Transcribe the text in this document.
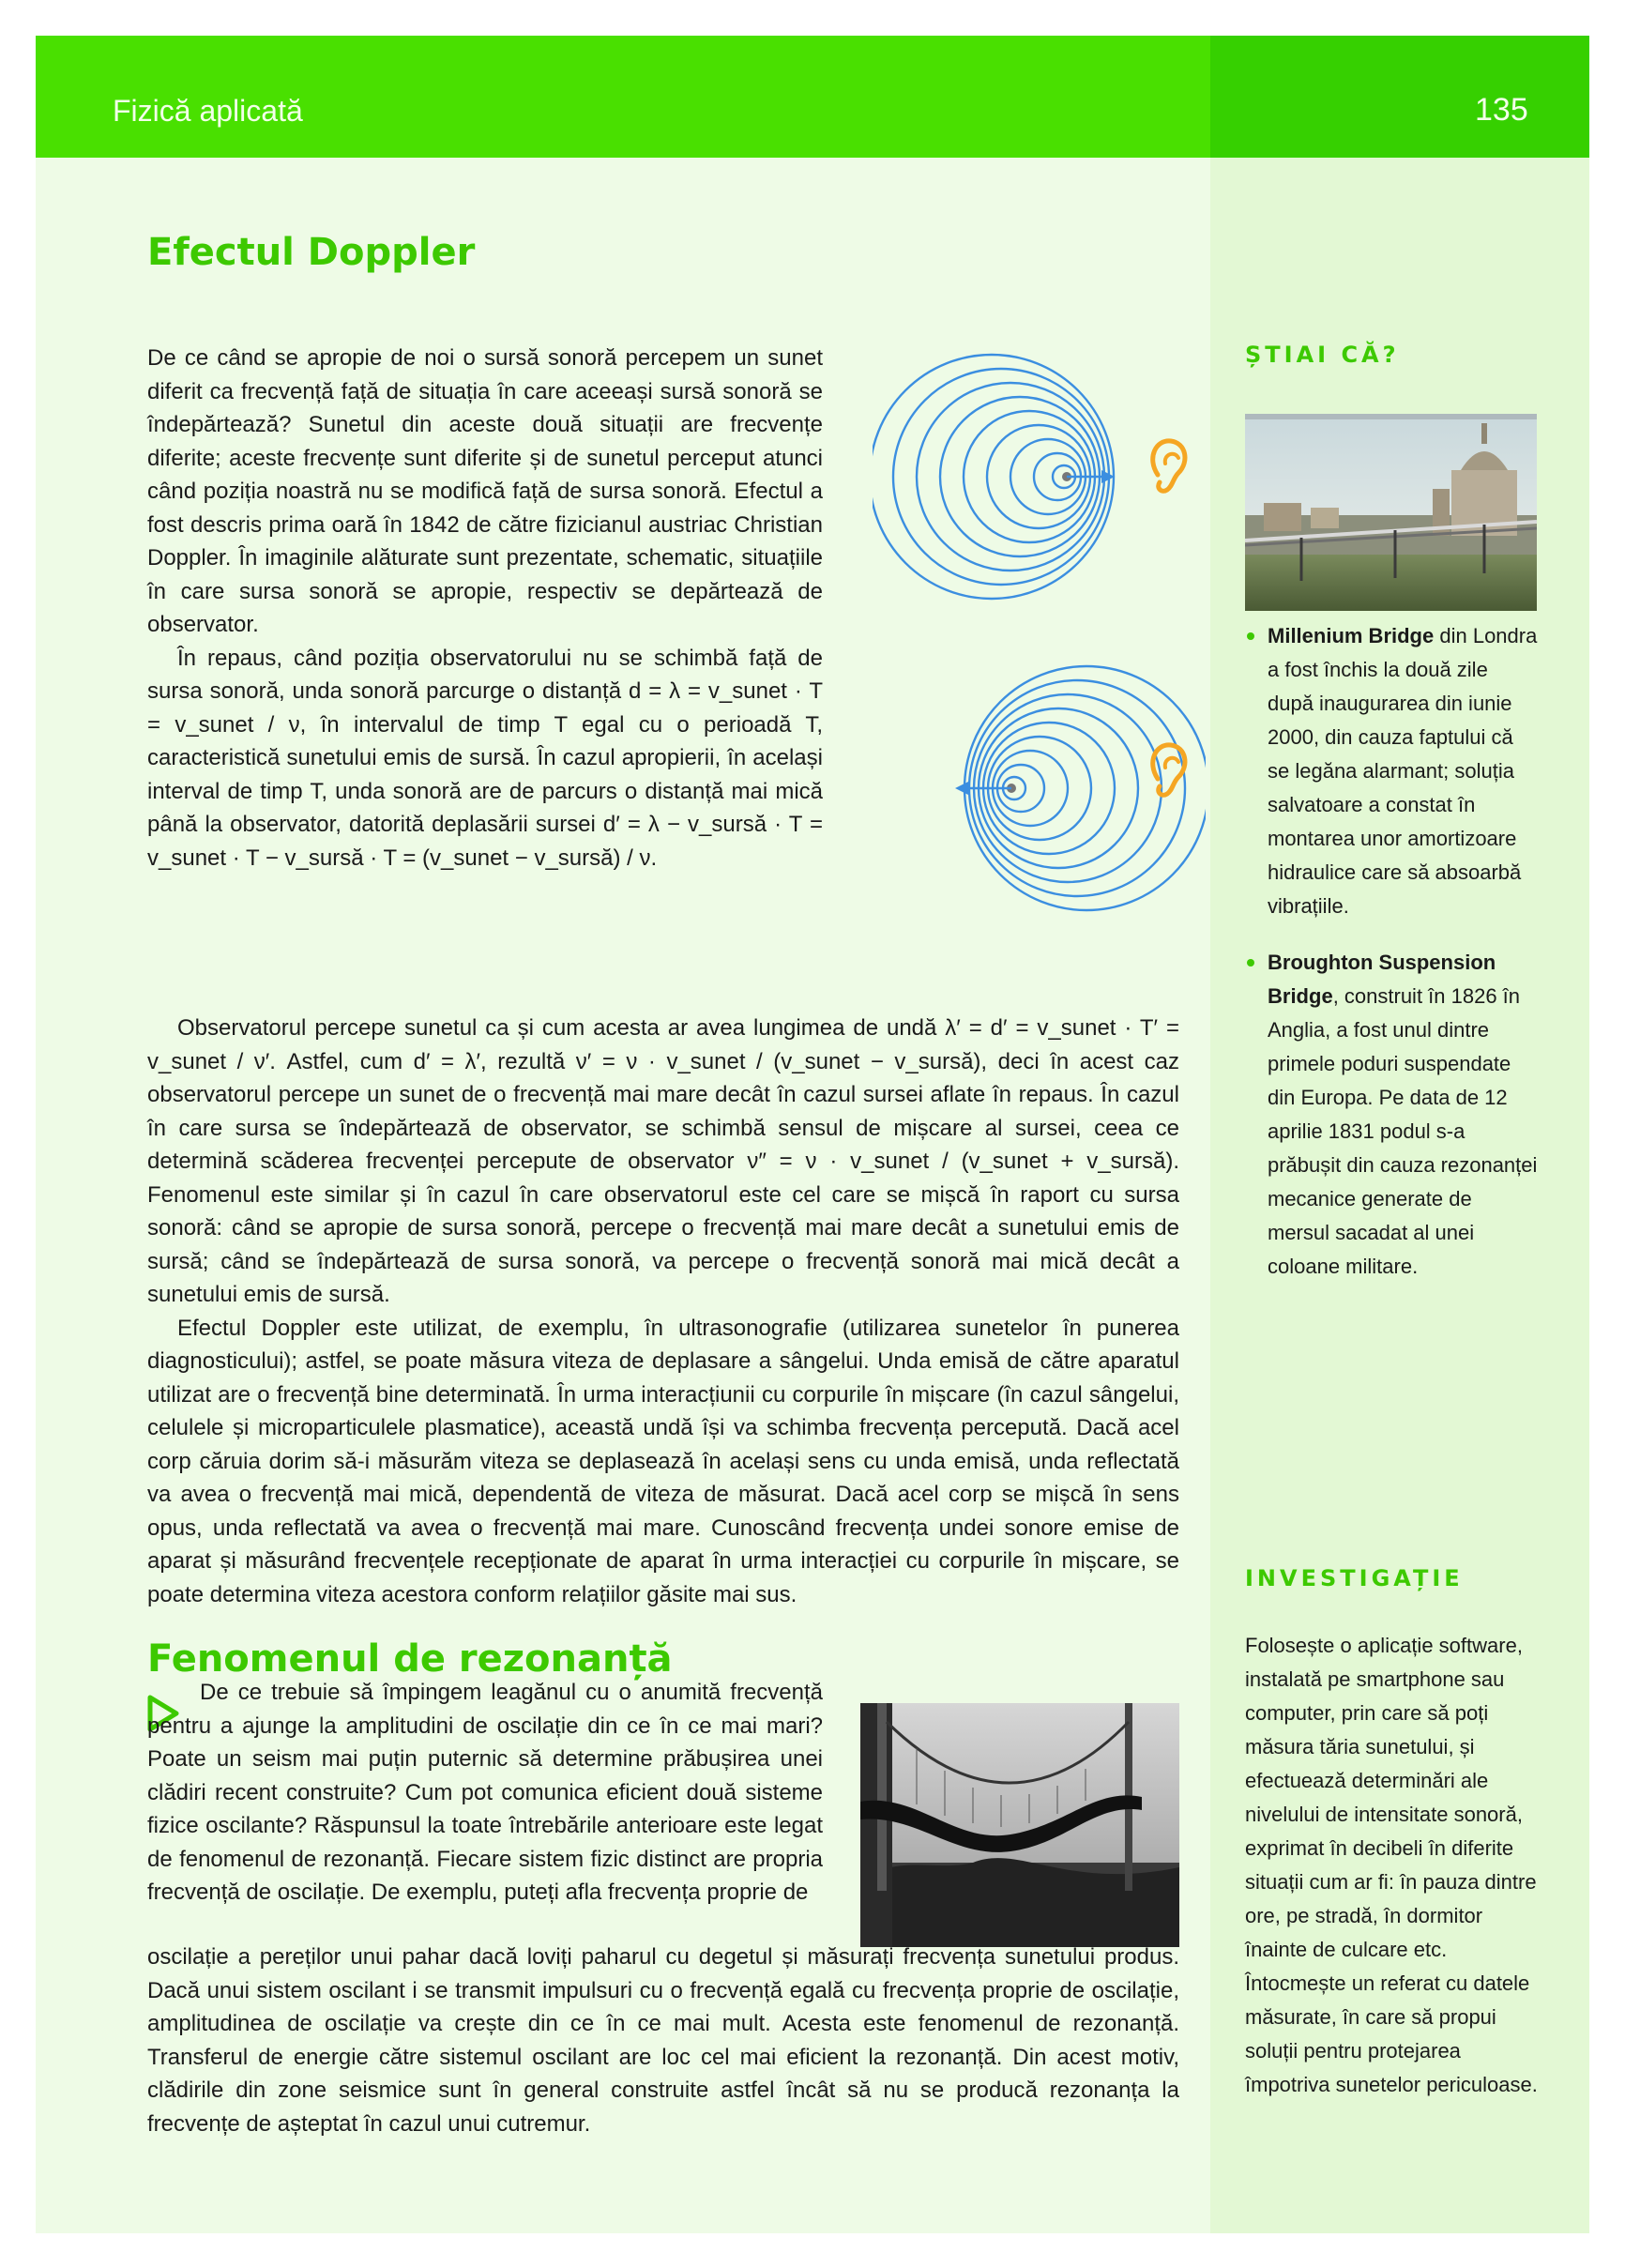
Fizică aplicată	135
Efectul Doppler

De ce când se apropie de noi o sursă sonoră percepem un sunet diferit ca frecvență față de situația în care aceeași sursă sonoră se îndepărtează? Sunetul din aceste două situații are frecvențe diferite; aceste frecvențe sunt diferite și de sunetul perceput atunci când poziția noastră nu se modifică față de sursa sonoră. Efectul a fost descris prima oară în 1842 de către fizicianul austriac Christian Doppler. În imaginile alăturate sunt prezentate, schematic, situațiile în care sursa sonoră se apropie, respectiv se depărtează de observator.

În repaus, când poziția observatorului nu se schimbă față de sursa sonoră, unda sonoră parcurge o distanță d = λ = v_sunet · T = v_sunet / ν, în intervalul de timp T egal cu o perioadă T, caracteristică sunetului emis de sursă. În cazul apropierii, în același interval de timp T, unda sonoră are de parcurs o distanță mai mică până la observator, datorită deplasării sursei d′ = λ − v_sursă · T = v_sunet · T − v_sursă · T = (v_sunet − v_sursă) / ν.

Observatorul percepe sunetul ca și cum acesta ar avea lungimea de undă λ′ = d′ = v_sunet · T′ = v_sunet / ν′. Astfel, cum d′ = λ′, rezultă ν′ = ν · v_sunet / (v_sunet − v_sursă), deci în acest caz observatorul percepe un sunet de o frecvență mai mare decât în cazul sursei aflate în repaus. În cazul în care sursa se îndepărtează de observator, se schimbă sensul de mișcare al sursei, ceea ce determină scăderea frecvenței percepute de observator ν″ = ν · v_sunet / (v_sunet + v_sursă). Fenomenul este similar și în cazul în care observatorul este cel care se mișcă în raport cu sursa sonoră: când se apropie de sursa sonoră, percepe o frecvență mai mare decât a sunetului emis de sursă; când se îndepărtează de sursa sonoră, va percepe o frecvență sonoră mai mică decât a sunetului emis de sursă.

Efectul Doppler este utilizat, de exemplu, în ultrasonografie (utilizarea sunetelor în punerea diagnosticului); astfel, se poate măsura viteza de deplasare a sângelui. Unda emisă de către aparatul utilizat are o frecvență bine determinată. În urma interacțiunii cu corpurile în mișcare (în cazul sângelui, celulele și microparticulele plasmatice), această undă își va schimba frecvența percepută. Dacă acel corp căruia dorim să-i măsurăm viteza se deplasează în același sens cu unda emisă, unda reflectată va avea o frecvență mai mică, dependentă de viteza de măsurat. Dacă acel corp se mișcă în sens opus, unda reflectată va avea o frecvență mai mare. Cunoscând frecvența undei sonore emise de aparat și măsurând frecvențele recepționate de aparat în urma interacției cu corpurile în mișcare, se poate determina viteza acestora conform relațiilor găsite mai sus.

Fenomenul de rezonanță
De ce trebuie să împingem leagănul cu o anumită frecvență pentru a ajunge la amplitudini de oscilație din ce în ce mai mari? Poate un seism mai puțin puternic să determine prăbușirea unei clădiri recent construite? Cum pot comunica eficient două sisteme fizice oscilante? Răspunsul la toate întrebările anterioare este legat de fenomenul de rezonanță. Fiecare sistem fizic distinct are propria frecvență de oscilație. De exemplu, puteți afla frecvența proprie de
oscilație a pereților unui pahar dacă loviți paharul cu degetul și măsurați frecvența sunetului produs. Dacă unui sistem oscilant i se transmit impulsuri cu o frecvență egală cu frecvența proprie de oscilație, amplitudinea de oscilație va crește din ce în ce mai mult. Acesta este fenomenul de rezonanță. Transferul de energie către sistemul oscilant are loc cel mai eficient la rezonanță. Din acest motiv, clădirile din zone seismice sunt în general construite astfel încât să nu se producă rezonanța la frecvențe de așteptat în cazul unui cutremur.
ȘTIAI CĂ?
Millenium Bridge din Londra a fost închis la două zile după inaugurarea din iunie 2000, din cauza faptului că se legăna alarmant; soluția salvatoare a constat în montarea unor amortizoare hidraulice care să absoarbă vibrațiile.
Broughton Suspension Bridge, construit în 1826 în Anglia, a fost unul dintre primele poduri suspendate din Europa. Pe data de 12 aprilie 1831 podul s-a prăbușit din cauza rezonanței mecanice generate de mersul sacadat al unei coloane militare.
INVESTIGAȚIE
Folosește o aplicație software, instalată pe smartphone sau computer, prin care să poți măsura tăria sunetului, și efectuează determinări ale nivelului de intensitate sonoră, exprimat în decibeli în diferite situații cum ar fi: în pauza dintre ore, pe stradă, în dormitor înainte de culcare etc. Întocmește un referat cu datele măsurate, în care să propui soluții pentru protejarea împotriva sunetelor periculoase.
